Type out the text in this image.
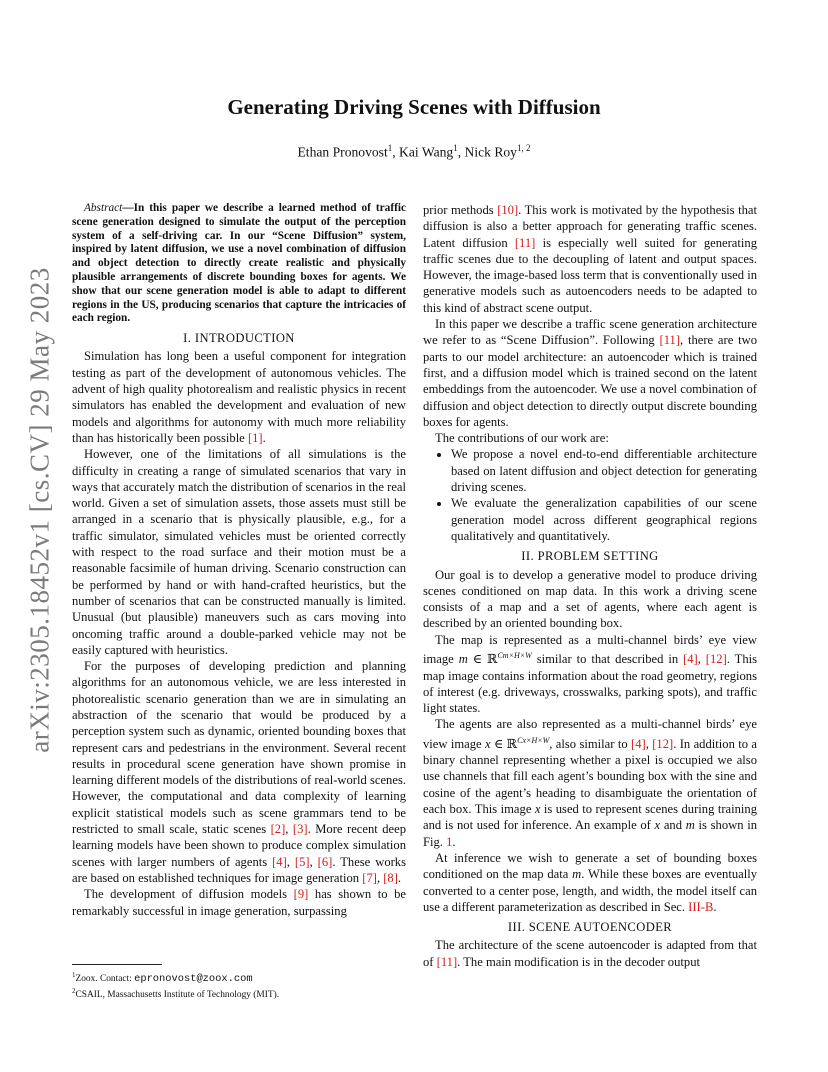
arXiv:2305.18452v1 [cs.CV] 29 May 2023
Generating Driving Scenes with Diffusion
Ethan Pronovost$^1$, Kai Wang$^1$, Nick Roy$^{1, 2}$

Abstract—In this paper we describe a learned method of traffic scene generation designed to simulate the output of the perception system of a self-driving car. In our “Scene Diffusion” system, inspired by latent diffusion, we use a novel combination of diffusion and object detection to directly create realistic and physically plausible arrangements of discrete bounding boxes for agents. We show that our scene generation model is able to adapt to different regions in the US, producing scenarios that capture the intricacies of each region.

I. INTRODUCTION

Simulation has long been a useful component for integration testing as part of the development of autonomous vehicles. The advent of high quality photorealism and realistic physics in recent simulators has enabled the development and evaluation of new models and algorithms for autonomy with much more reliability than has historically been possible [1].

However, one of the limitations of all simulations is the difficulty in creating a range of simulated scenarios that vary in ways that accurately match the distribution of scenarios in the real world. Given a set of simulation assets, those assets must still be arranged in a scenario that is physically plausible, e.g., for a traffic simulator, simulated vehicles must be oriented correctly with respect to the road surface and their motion must be a reasonable facsimile of human driving. Scenario construction can be performed by hand or with hand-crafted heuristics, but the number of scenarios that can be constructed manually is limited. Unusual (but plausible) maneuvers such as cars moving into oncoming traffic around a double-parked vehicle may not be easily captured with heuristics.

For the purposes of developing prediction and planning algorithms for an autonomous vehicle, we are less interested in photorealistic scenario generation than we are in simulating an abstraction of the scenario that would be produced by a perception system such as dynamic, oriented bounding boxes that represent cars and pedestrians in the environment. Several recent results in procedural scene generation have shown promise in learning different models of the distributions of real-world scenes. However, the computational and data complexity of learning explicit statistical models such as scene grammars tend to be restricted to small scale, static scenes [2], [3]. More recent deep learning models have been shown to produce complex simulation scenes with larger numbers of agents [4], [5], [6]. These works are based on established techniques for image generation [7], [8].

The development of diffusion models [9] has shown to be remarkably successful in image generation, surpassing

prior methods [10]. This work is motivated by the hypothesis that diffusion is also a better approach for generating traffic scenes. Latent diffusion [11] is especially well suited for generating traffic scenes due to the decoupling of latent and output spaces. However, the image-based loss term that is conventionally used in generative models such as autoencoders needs to be adapted to this kind of abstract scene output.

In this paper we describe a traffic scene generation architecture we refer to as “Scene Diffusion”. Following [11], there are two parts to our model architecture: an autoencoder which is trained first, and a diffusion model which is trained second on the latent embeddings from the autoencoder. We use a novel combination of diffusion and object detection to directly output discrete bounding boxes for agents.

The contributions of our work are:

• We propose a novel end-to-end differentiable architecture based on latent diffusion and object detection for generating driving scenes.
• We evaluate the generalization capabilities of our scene generation model across different geographical regions qualitatively and quantitatively.
II. PROBLEM SETTING

Our goal is to develop a generative model to produce driving scenes conditioned on map data. In this work a driving scene consists of a map and a set of agents, where each agent is described by an oriented bounding box.

The map is represented as a multi-channel birds’ eye view image m ∈ ℝ$^{Cm\times H\times W}$ similar to that described in [4], [12]. This map image contains information about the road geometry, regions of interest (e.g. driveways, crosswalks, parking spots), and traffic light states.

The agents are also represented as a multi-channel birds’ eye view image x ∈ ℝ$^{Cx\times H\times W}$, also similar to [4], [12]. In addition to a binary channel representing whether a pixel is occupied we also use channels that fill each agent’s bounding box with the sine and cosine of the agent’s heading to disambiguate the orientation of each box. This image x is used to represent scenes during training and is not used for inference. An example of x and m is shown in Fig. 1.

At inference we wish to generate a set of bounding boxes conditioned on the map data m. While these boxes are eventually converted to a center pose, length, and width, the model itself can use a different parameterization as described in Sec. III-B.

III. SCENE AUTOENCODER

The architecture of the scene autoencoder is adapted from that of [11]. The main modification is in the decoder output

$^1$Zoox. Contact: epronovost@zoox.com
$^2$CSAIL, Massachusetts Institute of Technology (MIT).
